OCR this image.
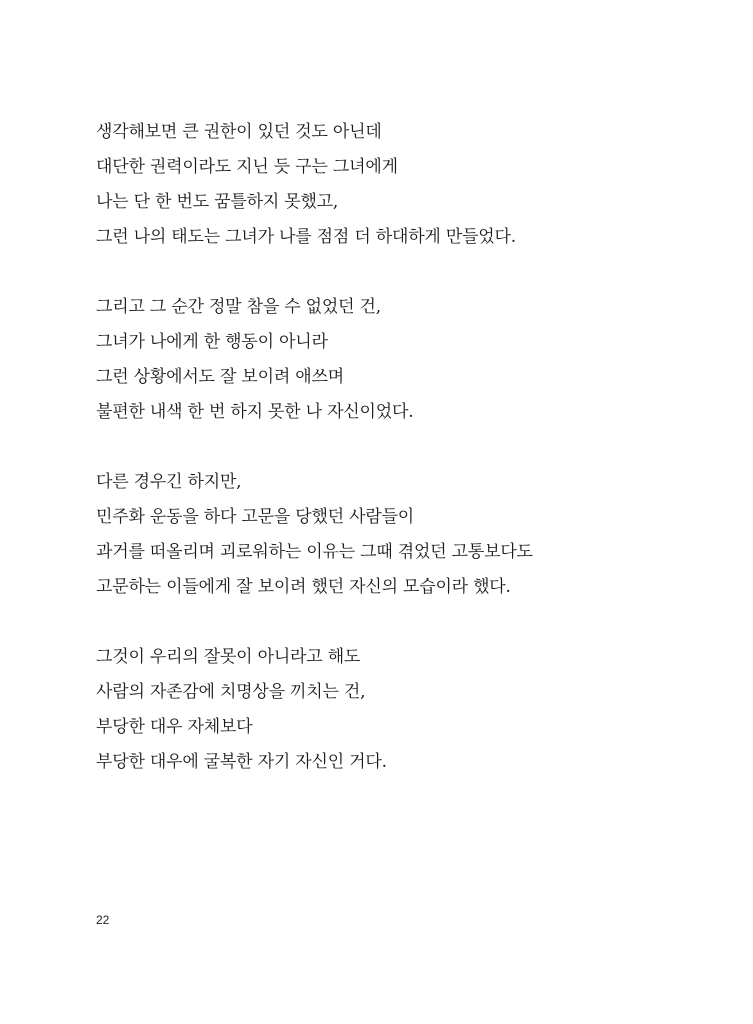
생각해보면 큰 권한이 있던 것도 아닌데
대단한 권력이라도 지닌 듯 구는 그녀에게
나는 단 한 번도 꿈틀하지 못했고,
그런 나의 태도는 그녀가 나를 점점 더 하대하게 만들었다.
그리고 그 순간 정말 참을 수 없었던 건,
그녀가 나에게 한 행동이 아니라
그런 상황에서도 잘 보이려 애쓰며
불편한 내색 한 번 하지 못한 나 자신이었다.
다른 경우긴 하지만,
민주화 운동을 하다 고문을 당했던 사람들이
과거를 떠올리며 괴로워하는 이유는 그때 겪었던 고통보다도
고문하는 이들에게 잘 보이려 했던 자신의 모습이라 했다.
그것이 우리의 잘못이 아니라고 해도
사람의 자존감에 치명상을 끼치는 건,
부당한 대우 자체보다
부당한 대우에 굴복한 자기 자신인 거다.
22
